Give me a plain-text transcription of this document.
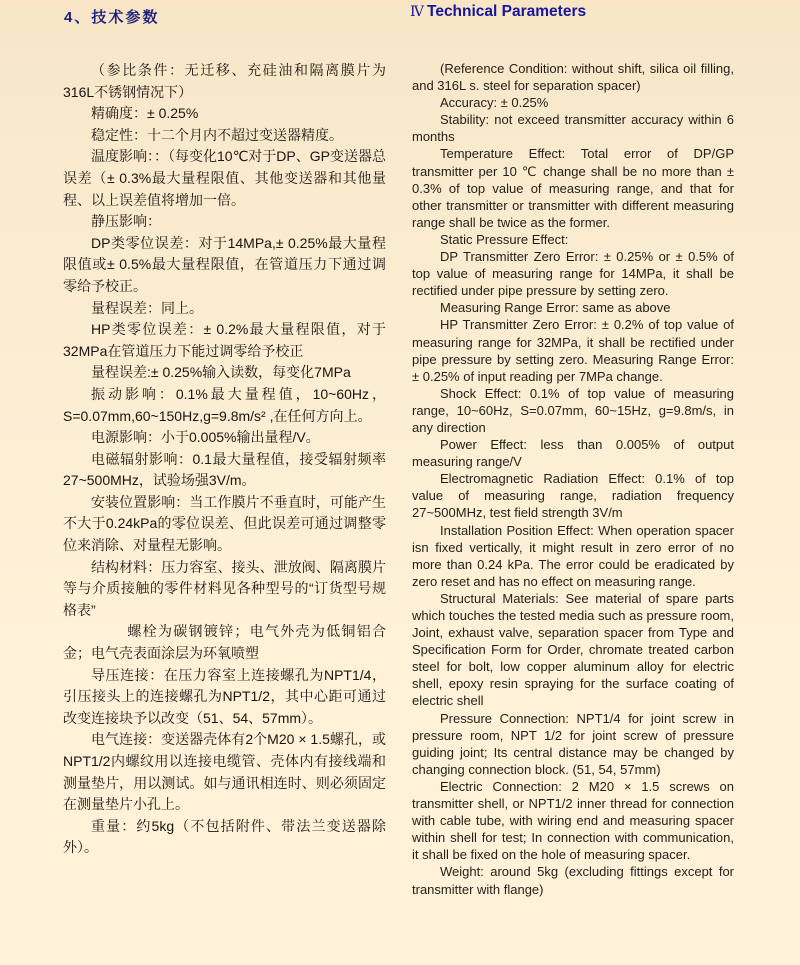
4、技术参数	Ⅳ Technical Parameters

（参比条件：无迁移、充硅油和隔离膜片为316L不锈钢情况下）

精确度：± 0.25%

稳定性：十二个月内不超过变送器精度。

温度影响：：（每变化10℃对于DP、GP变送器总误差（± 0.3%最大量程限值、其他变送器和其他量程、以上误差值将增加一倍。

静压影响：

DP类零位误差：对于14MPa,± 0.25%最大量程限值或± 0.5%最大量程限值，在管道压力下通过调零给予校正。

量程误差：同上。

HP类零位误差：± 0.2%最大量程限值，对于32MPa在管道压力下能过调零给予校正

量程误差:± 0.25%输入读数，每变化7MPa

振动影响：0.1%最大量程值，10~60Hz，S=0.07mm,60~150Hz,g=9.8m/s² ,在任何方向上。

电源影响：小于0.005%输出量程/V。

电磁辐射影响：0.1最大量程值，接受辐射频率27~500MHz，试验场强3V/m。

安装位置影响：当工作膜片不垂直时，可能产生不大于0.24kPa的零位误差、但此误差可通过调整零位来消除、对量程无影响。

结构材料：压力容室、接头、泄放阀、隔离膜片等与介质接触的零件材料见各种型号的“订货型号规格表”

螺栓为碳钢镀锌；电气外壳为低铜铝合金；电气壳表面涂层为环氧喷塑

导压连接：在压力容室上连接螺孔为NPT1/4，引压接头上的连接螺孔为NPT1/2，其中心距可通过改变连接块予以改变（51、54、57mm）。

电气连接：变送器壳体有2个M20 × 1.5螺孔，或NPT1/2内螺纹用以连接电缆管、壳体内有接线端和测量垫片，用以测试。如与通讯相连时、则必须固定在测量垫片小孔上。

重量：约5kg（不包括附件、带法兰变送器除外）。

(Reference Condition: without shift, silica oil filling, and 316L s. steel for separation spacer)

Accuracy: ± 0.25%

Stability: not exceed transmitter accuracy within 6 months

Temperature Effect: Total error of DP/GP transmitter per 10 ℃ change shall be no more than ± 0.3% of top value of measuring range, and that for other transmitter or transmitter with different measuring range shall be twice as the former.

Static Pressure Effect:

DP Transmitter Zero Error: ± 0.25% or ± 0.5% of top value of measuring range for 14MPa, it shall be rectified under pipe pressure by setting zero.

Measuring Range Error: same as above

HP Transmitter Zero Error: ± 0.2% of top value of measuring range for 32MPa, it shall be rectified under pipe pressure by setting zero. Measuring Range Error: ± 0.25% of input reading per 7MPa change.

Shock Effect: 0.1% of top value of measuring range, 10~60Hz, S=0.07mm, 60~15Hz, g=9.8m/s, in any direction

Power Effect: less than 0.005% of output measuring range/V

Electromagnetic Radiation Effect: 0.1% of top value of measuring range, radiation frequency 27~500MHz, test field strength 3V/m

Installation Position Effect: When operation spacer isn fixed vertically, it might result in zero error of no more than 0.24 kPa. The error could be eradicated by zero reset and has no effect on measuring range.

Structural Materials: See material of spare parts which touches the tested media such as pressure room, Joint, exhaust valve, separation spacer from Type and Specification Form for Order, chromate treated carbon steel for bolt, low copper aluminum alloy for electric shell, epoxy resin spraying for the surface coating of electric shell

Pressure Connection: NPT1/4 for joint screw in pressure room, NPT 1/2 for joint screw of pressure guiding joint; Its central distance may be changed by changing connection block. (51, 54, 57mm)

Electric Connection: 2 M20 × 1.5 screws on transmitter shell, or NPT1/2 inner thread for connection with cable tube, with wiring end and measuring spacer within shell for test; In connection with communication, it shall be fixed on the hole of measuring spacer.

Weight: around 5kg (excluding fittings except for transmitter with flange)
